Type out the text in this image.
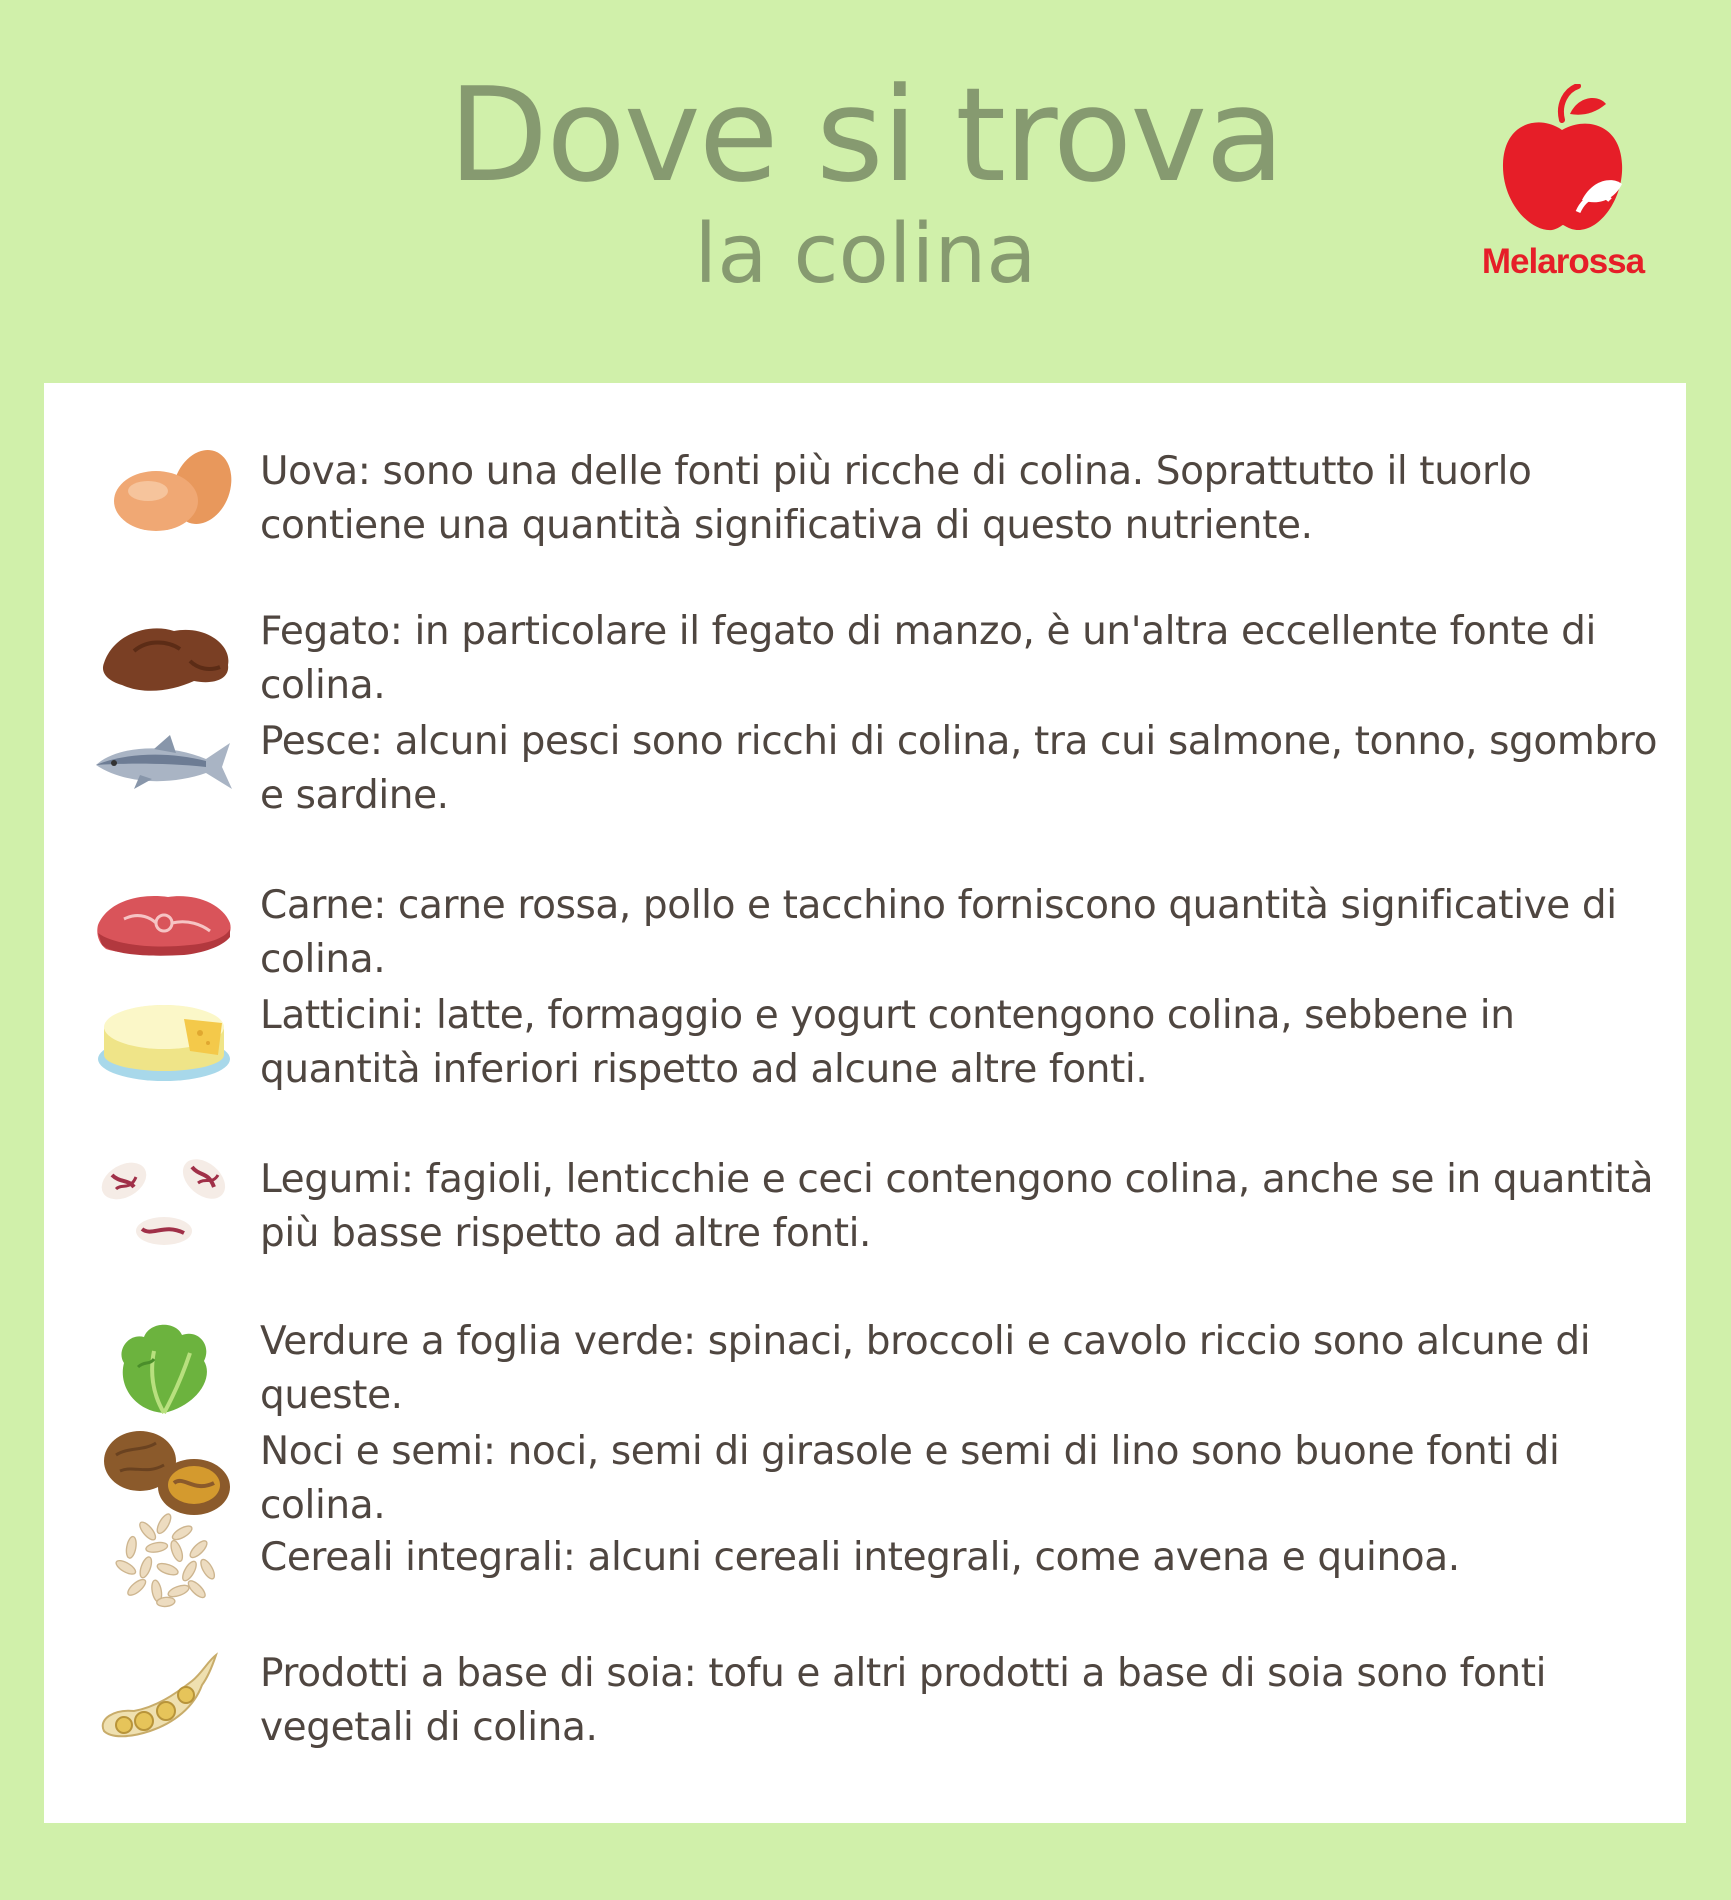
Dove si trova
la colina	Melarossa
Uova: sono una delle fonti più ricche di colina. Soprattutto il tuorlo contiene una quantità significativa di questo nutriente.
Fegato: in particolare il fegato di manzo, è un'altra eccellente fonte di colina.
Pesce: alcuni pesci sono ricchi di colina, tra cui salmone, tonno, sgombro e sardine.
Carne: carne rossa, pollo e tacchino forniscono quantità significative di colina.
Latticini: latte, formaggio e yogurt contengono colina, sebbene in quantità inferiori rispetto ad alcune altre fonti.
Legumi: fagioli, lenticchie e ceci contengono colina, anche se in quantità più basse rispetto ad altre fonti.
Verdure a foglia verde: spinaci, broccoli e cavolo riccio sono alcune di queste.
Noci e semi: noci, semi di girasole e semi di lino sono buone fonti di colina.
Cereali integrali: alcuni cereali integrali, come avena e quinoa.
Prodotti a base di soia: tofu e altri prodotti a base di soia sono fonti vegetali di colina.
